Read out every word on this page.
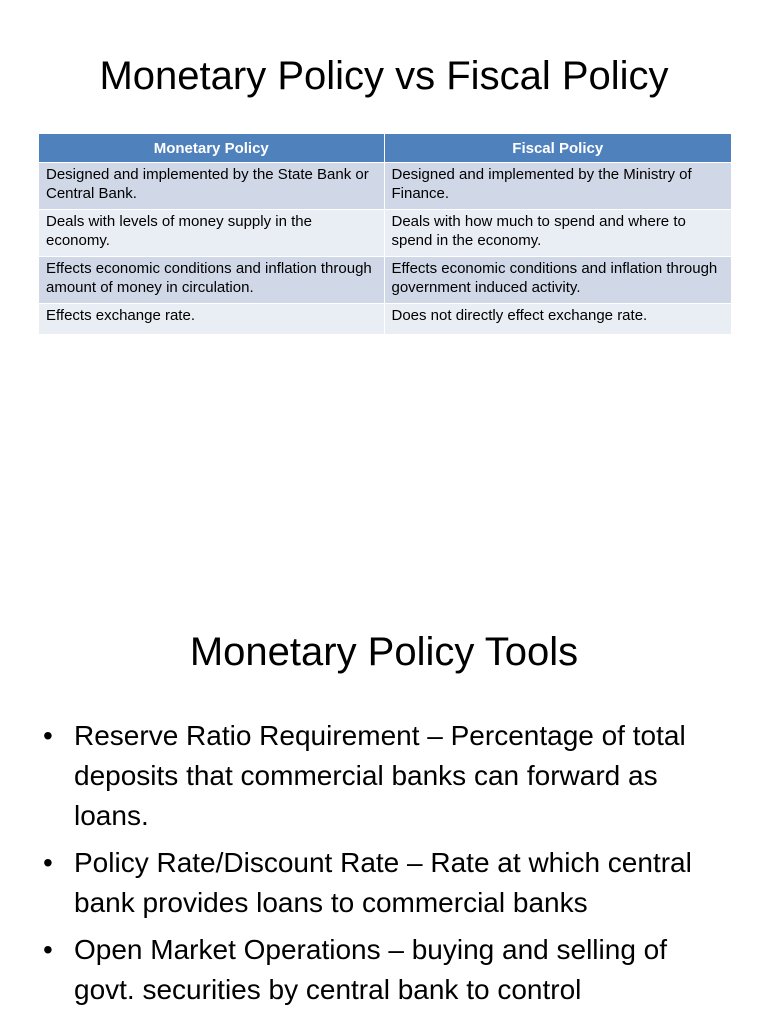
Monetary Policy vs Fiscal Policy
Monetary Policy	Fiscal Policy
Designed and implemented by the State Bank or Central Bank.	Designed and implemented by the Ministry of Finance.
Deals with levels of money supply in the economy.	Deals with how much to spend and where to spend in the economy.
Effects economic conditions and inflation through amount of money in circulation.	Effects economic conditions and inflation through government induced activity.
Effects exchange rate.	Does not directly effect exchange rate.
Monetary Policy Tools
• Reserve Ratio Requirement – Percentage of total deposits that commercial banks can forward as loans.
• Policy Rate/Discount Rate – Rate at which central bank provides loans to commercial banks
• Open Market Operations – buying and selling of govt. securities by central bank to control
